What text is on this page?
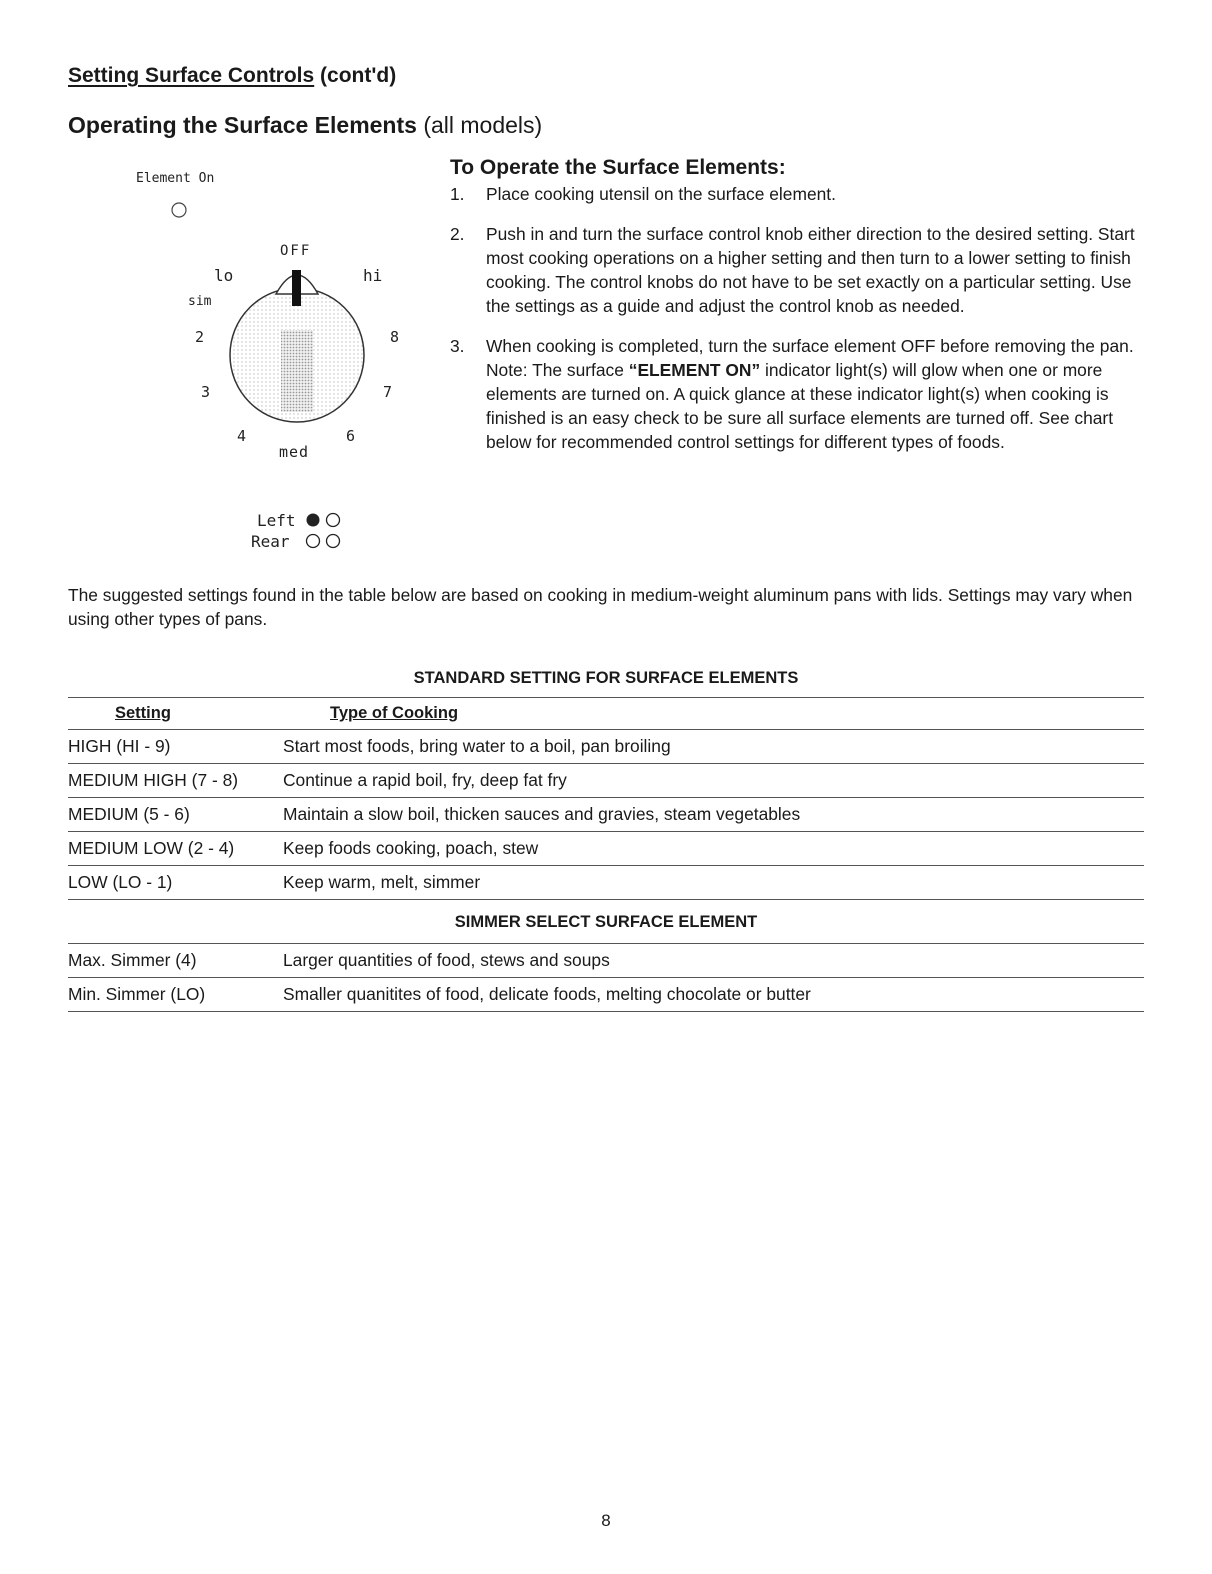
Setting Surface Controls (cont'd)
Operating the Surface Elements (all models)
Element On
OFF
lo	hi
sim
2	8
3	7
4	6
med
Left
Rear
To Operate the Surface Elements:
1.	Place cooking utensil on the surface element.
2.	Push in and turn the surface control knob either direction to the desired setting. Start most cooking operations on a higher setting and then turn to a lower setting to finish cooking. The control knobs do not have to be set exactly on a particular setting. Use the settings as a guide and adjust the control knob as needed.
3.	When cooking is completed, turn the surface element OFF before removing the pan. Note: The surface “ELEMENT ON” indicator light(s) will glow when one or more elements are turned on. A quick glance at these indicator light(s) when cooking is finished is an easy check to be sure all surface elements are turned off. See chart below for recommended control settings for different types of foods.
The suggested settings found in the table below are based on cooking in medium-weight aluminum pans with lids. Settings may vary when using other types of pans.
STANDARD SETTING FOR SURFACE ELEMENTS
Setting	Type of Cooking
HIGH (HI - 9)	Start most foods, bring water to a boil, pan broiling
MEDIUM HIGH (7 - 8)	Continue a rapid boil, fry, deep fat fry
MEDIUM (5 - 6)	Maintain a slow boil, thicken sauces and gravies, steam vegetables
MEDIUM LOW (2 - 4)	Keep foods cooking, poach, stew
LOW (LO - 1)	Keep warm, melt, simmer
SIMMER SELECT SURFACE ELEMENT
Max. Simmer (4)	Larger quantities of food, stews and soups
Min. Simmer (LO)	Smaller quanitites of food, delicate foods, melting chocolate or butter
8
